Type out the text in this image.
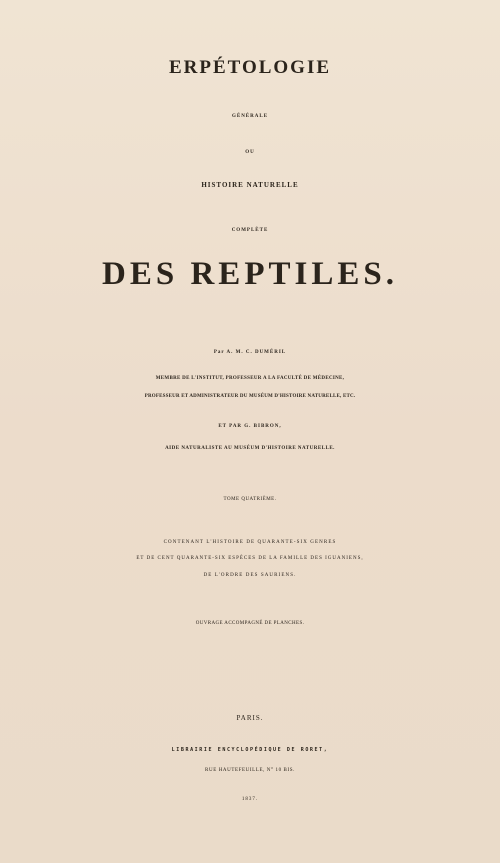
ERPÉTOLOGIE
GÉNÉRALE
OU
HISTOIRE NATURELLE
COMPLÈTE
DES REPTILES.
Par A. M. C. DUMÉRIL
MEMBRE DE L'INSTITUT, PROFESSEUR A LA FACULTÉ DE MÉDECINE,
PROFESSEUR ET ADMINISTRATEUR DU MUSÉUM D'HISTOIRE NATURELLE, ETC.
ET PAR G. BIBRON,
AIDE NATURALISTE AU MUSÉUM D'HISTOIRE NATURELLE.
TOME QUATRIÈME.
CONTENANT L'HISTOIRE DE QUARANTE-SIX GENRES
ET DE CENT QUARANTE-SIX ESPÈCES DE LA FAMILLE DES IGUANIENS,
DE L'ORDRE DES SAURIENS.
OUVRAGE ACCOMPAGNÉ DE PLANCHES.
PARIS.
LIBRAIRIE ENCYCLOPÉDIQUE DE RORET,
RUE HAUTEFEUILLE, N° 10 BIS.
1837.
